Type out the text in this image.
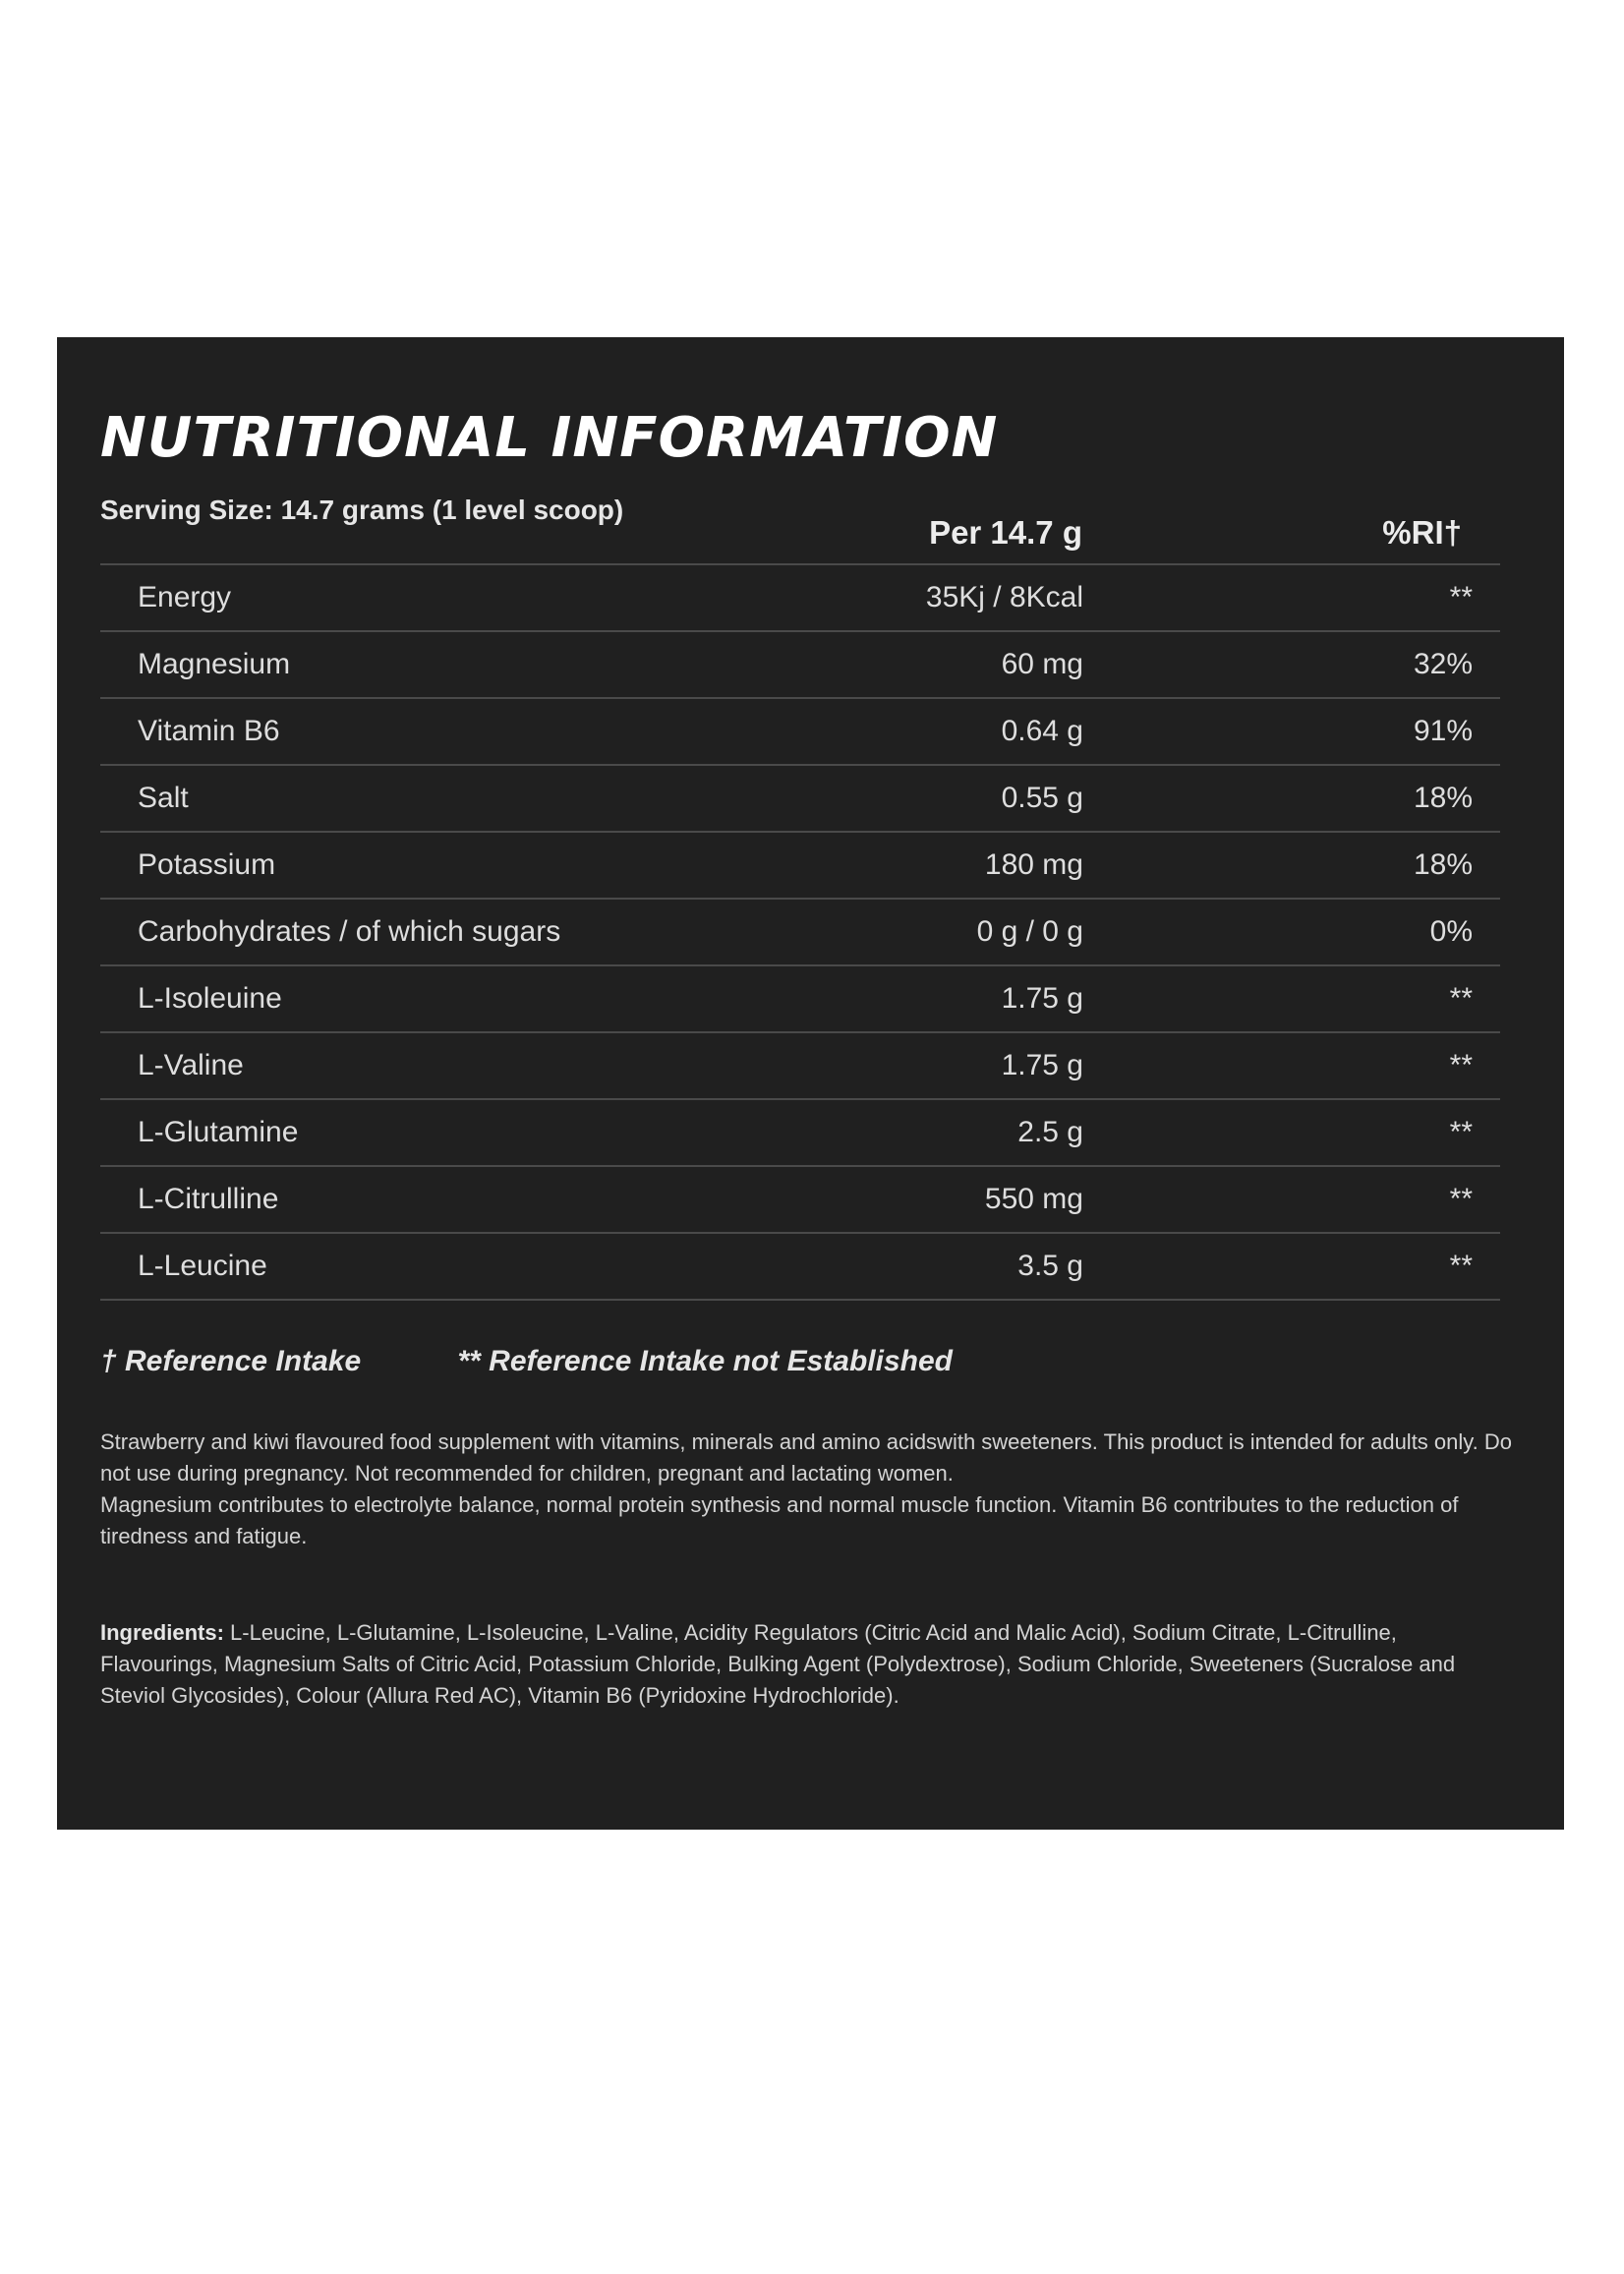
NUTRITIONAL INFORMATION
Serving Size: 14.7 grams (1 level scoop)
Per 14.7 g	%RI†
Energy	35Kj / 8Kcal	**
Magnesium	60 mg	32%
Vitamin B6	0.64 g	91%
Salt	0.55 g	18%
Potassium	180 mg	18%
Carbohydrates / of which sugars	0 g / 0 g	0%
L-Isoleuine	1.75 g	**
L-Valine	1.75 g	**
L-Glutamine	2.5 g	**
L-Citrulline	550 mg	**
L-Leucine	3.5 g	**
† Reference Intake	** Reference Intake not Established

Strawberry and kiwi flavoured food supplement with vitamins, minerals and amino acidswith sweeteners. This product is intended for adults only. Do not use during pregnancy. Not recommended for children, pregnant and lactating women.

Magnesium contributes to electrolyte balance, normal protein synthesis and normal muscle function. Vitamin B6 contributes to the reduction of tiredness and fatigue.

Ingredients: L-Leucine, L-Glutamine, L-Isoleucine, L-Valine, Acidity Regulators (Citric Acid and Malic Acid), Sodium Citrate, L-Citrulline, Flavourings, Magnesium Salts of Citric Acid, Potassium Chloride, Bulking Agent (Polydextrose), Sodium Chloride, Sweeteners (Sucralose and Steviol Glycosides), Colour (Allura Red AC), Vitamin B6 (Pyridoxine Hydrochloride).
